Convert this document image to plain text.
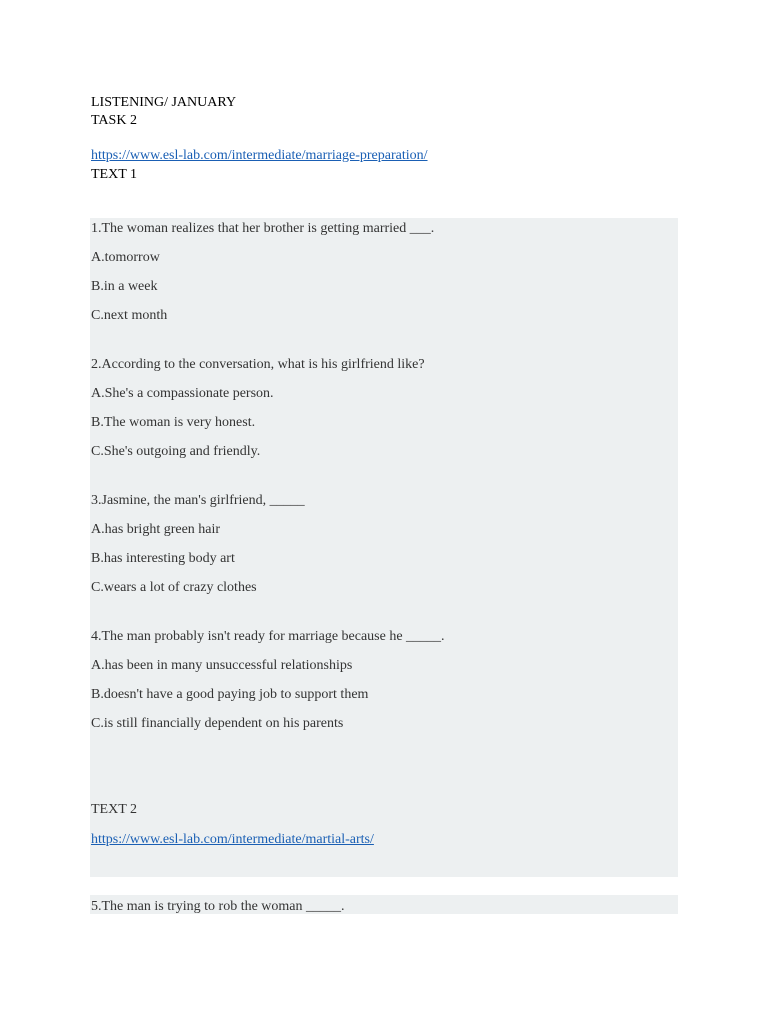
LISTENING/ JANUARY
TASK 2
https://www.esl-lab.com/intermediate/marriage-preparation/
TEXT 1
1.The woman realizes that her brother is getting married ___.
A.tomorrow
B.in a week
C.next month
2.According to the conversation, what is his girlfriend like?
A.She's a compassionate person.
B.The woman is very honest.
C.She's outgoing and friendly.
3.Jasmine, the man's girlfriend, _____
A.has bright green hair
B.has interesting body art
C.wears a lot of crazy clothes
4.The man probably isn't ready for marriage because he _____.
A.has been in many unsuccessful relationships
B.doesn't have a good paying job to support them
C.is still financially dependent on his parents
TEXT 2
https://www.esl-lab.com/intermediate/martial-arts/
5.The man is trying to rob the woman _____.
